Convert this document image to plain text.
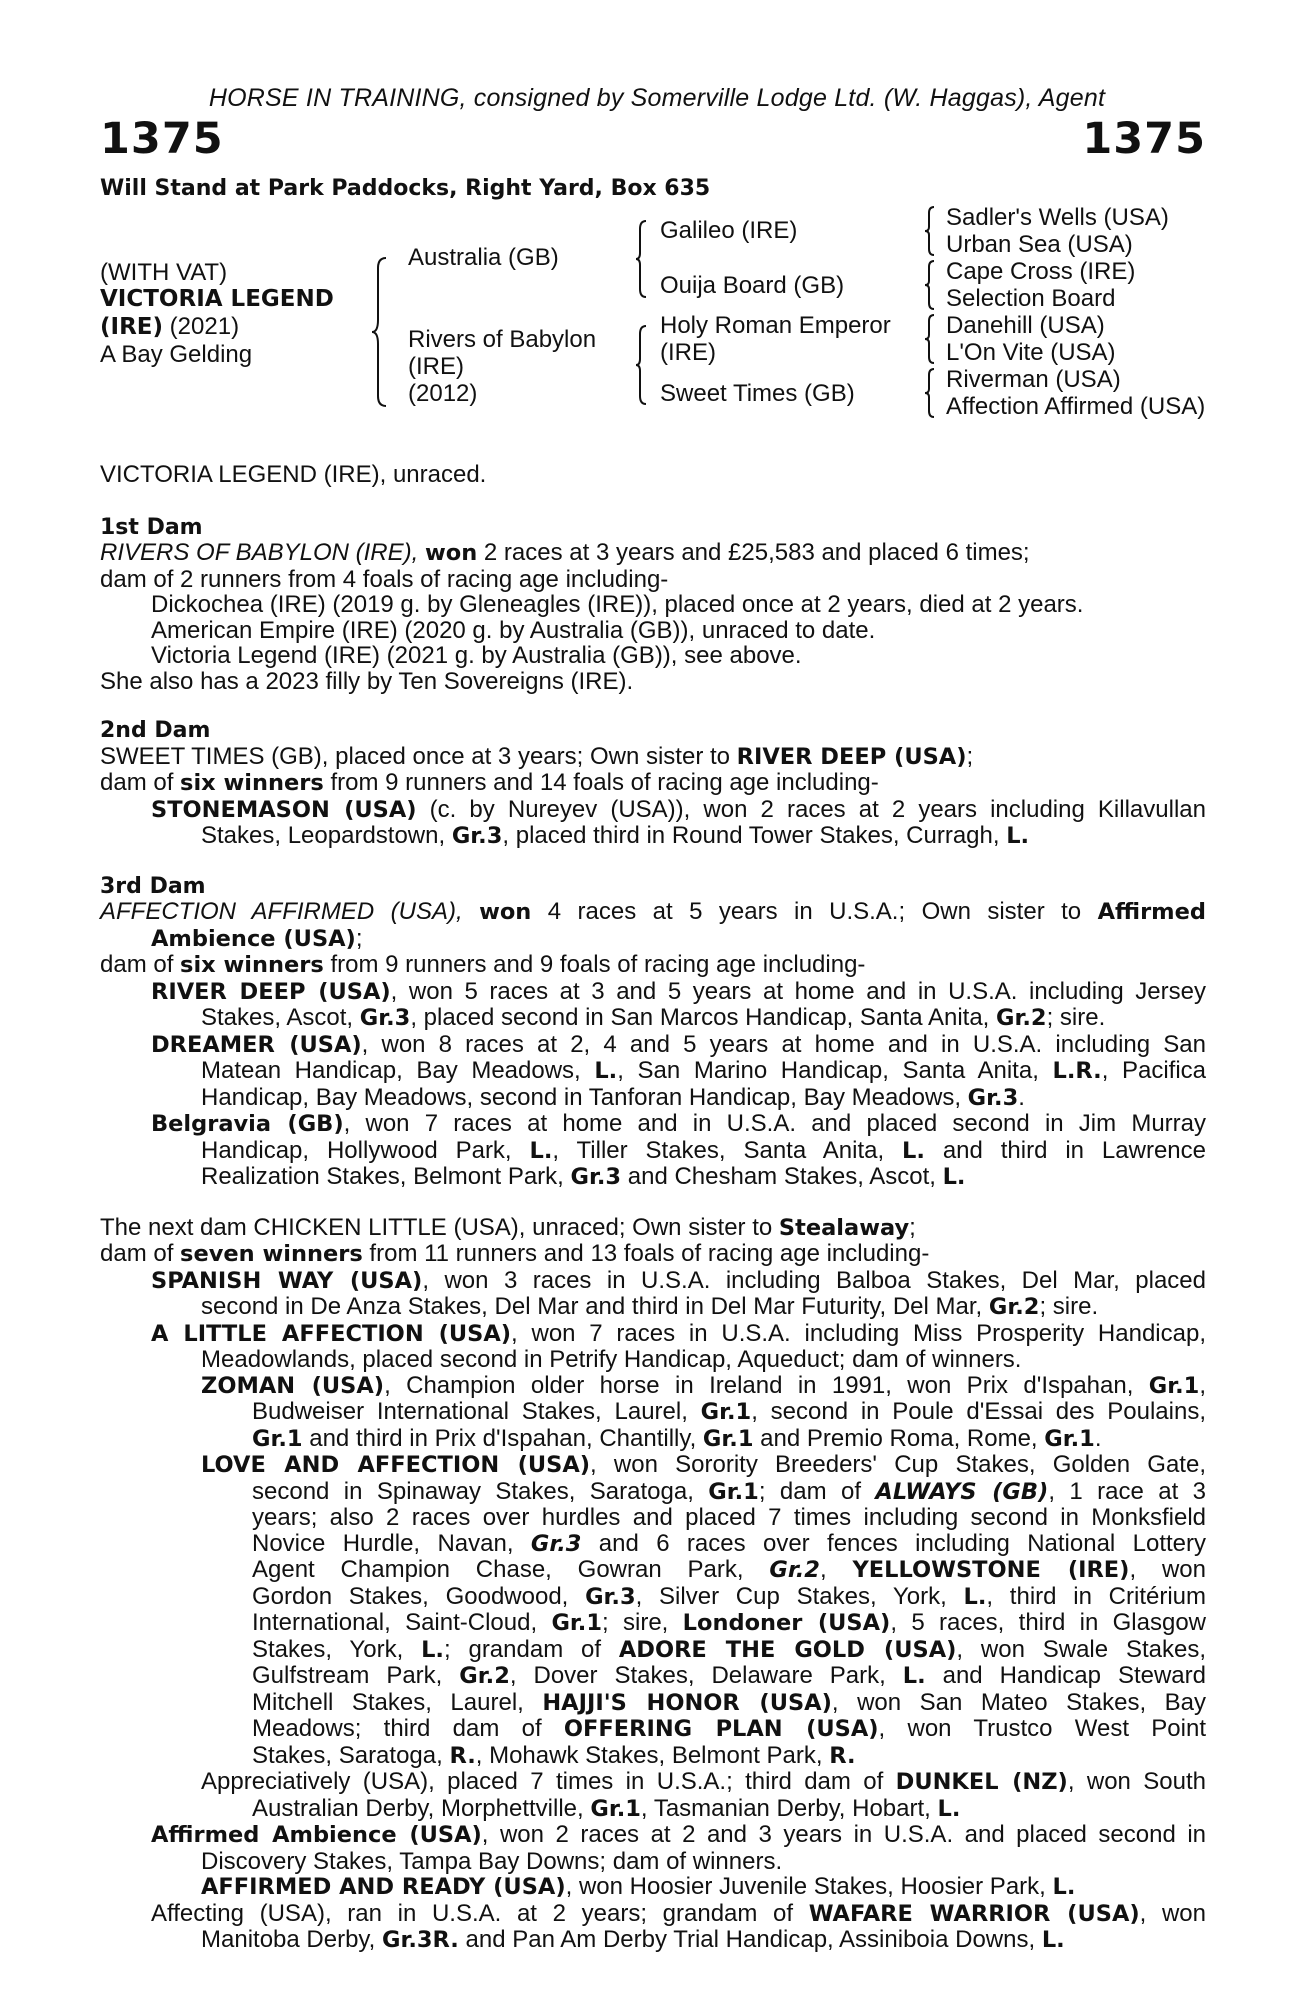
HORSE IN TRAINING, consigned by Somerville Lodge Ltd. (W. Haggas), Agent
1375	1375
Will Stand at Park Paddocks, Right Yard, Box 635
(WITH VAT)
VICTORIA LEGEND
(IRE) (2021)
A Bay Gelding
Australia (GB)
Rivers of Babylon
(IRE)
(2012)
Galileo (IRE)
Ouija Board (GB)
Holy Roman Emperor
(IRE)
Sweet Times (GB)
Sadler's Wells (USA)
Urban Sea (USA)
Cape Cross (IRE)
Selection Board
Danehill (USA)
L'On Vite (USA)
Riverman (USA)
Affection Affirmed (USA)
VICTORIA LEGEND (IRE), unraced.
1st Dam
RIVERS OF BABYLON (IRE), won 2 races at 3 years and £25,583 and placed 6 times;
dam of 2 runners from 4 foals of racing age including-
Dickochea (IRE) (2019 g. by Gleneagles (IRE)), placed once at 2 years, died at 2 years.
American Empire (IRE) (2020 g. by Australia (GB)), unraced to date.
Victoria Legend (IRE) (2021 g. by Australia (GB)), see above.
She also has a 2023 filly by Ten Sovereigns (IRE).
2nd Dam
SWEET TIMES (GB), placed once at 3 years; Own sister to RIVER DEEP (USA);
dam of six winners from 9 runners and 14 foals of racing age including-
STONEMASON (USA) (c. by Nureyev (USA)), won 2 races at 2 years including Killavullan
Stakes, Leopardstown, Gr.3, placed third in Round Tower Stakes, Curragh, L.
3rd Dam
AFFECTION AFFIRMED (USA), won 4 races at 5 years in U.S.A.; Own sister to Affirmed
Ambience (USA);
dam of six winners from 9 runners and 9 foals of racing age including-
RIVER DEEP (USA), won 5 races at 3 and 5 years at home and in U.S.A. including Jersey
Stakes, Ascot, Gr.3, placed second in San Marcos Handicap, Santa Anita, Gr.2; sire.
DREAMER (USA), won 8 races at 2, 4 and 5 years at home and in U.S.A. including San
Matean Handicap, Bay Meadows, L., San Marino Handicap, Santa Anita, L.R., Pacifica
Handicap, Bay Meadows, second in Tanforan Handicap, Bay Meadows, Gr.3.
Belgravia (GB), won 7 races at home and in U.S.A. and placed second in Jim Murray
Handicap, Hollywood Park, L., Tiller Stakes, Santa Anita, L. and third in Lawrence
Realization Stakes, Belmont Park, Gr.3 and Chesham Stakes, Ascot, L.
The next dam CHICKEN LITTLE (USA), unraced; Own sister to Stealaway;
dam of seven winners from 11 runners and 13 foals of racing age including-
SPANISH WAY (USA), won 3 races in U.S.A. including Balboa Stakes, Del Mar, placed
second in De Anza Stakes, Del Mar and third in Del Mar Futurity, Del Mar, Gr.2; sire.
A LITTLE AFFECTION (USA), won 7 races in U.S.A. including Miss Prosperity Handicap,
Meadowlands, placed second in Petrify Handicap, Aqueduct; dam of winners.
ZOMAN (USA), Champion older horse in Ireland in 1991, won Prix d'Ispahan, Gr.1,
Budweiser International Stakes, Laurel, Gr.1, second in Poule d'Essai des Poulains,
Gr.1 and third in Prix d'Ispahan, Chantilly, Gr.1 and Premio Roma, Rome, Gr.1.
LOVE AND AFFECTION (USA), won Sorority Breeders' Cup Stakes, Golden Gate,
second in Spinaway Stakes, Saratoga, Gr.1; dam of ALWAYS (GB), 1 race at 3
years; also 2 races over hurdles and placed 7 times including second in Monksfield
Novice Hurdle, Navan, Gr.3 and 6 races over fences including National Lottery
Agent Champion Chase, Gowran Park, Gr.2, YELLOWSTONE (IRE), won
Gordon Stakes, Goodwood, Gr.3, Silver Cup Stakes, York, L., third in Critérium
International, Saint-Cloud, Gr.1; sire, Londoner (USA), 5 races, third in Glasgow
Stakes, York, L.; grandam of ADORE THE GOLD (USA), won Swale Stakes,
Gulfstream Park, Gr.2, Dover Stakes, Delaware Park, L. and Handicap Steward
Mitchell Stakes, Laurel, HAJJI'S HONOR (USA), won San Mateo Stakes, Bay
Meadows; third dam of OFFERING PLAN (USA), won Trustco West Point
Stakes, Saratoga, R., Mohawk Stakes, Belmont Park, R.
Appreciatively (USA), placed 7 times in U.S.A.; third dam of DUNKEL (NZ), won South
Australian Derby, Morphettville, Gr.1, Tasmanian Derby, Hobart, L.
Affirmed Ambience (USA), won 2 races at 2 and 3 years in U.S.A. and placed second in
Discovery Stakes, Tampa Bay Downs; dam of winners.
AFFIRMED AND READY (USA), won Hoosier Juvenile Stakes, Hoosier Park, L.
Affecting (USA), ran in U.S.A. at 2 years; grandam of WAFARE WARRIOR (USA), won
Manitoba Derby, Gr.3R. and Pan Am Derby Trial Handicap, Assiniboia Downs, L.
